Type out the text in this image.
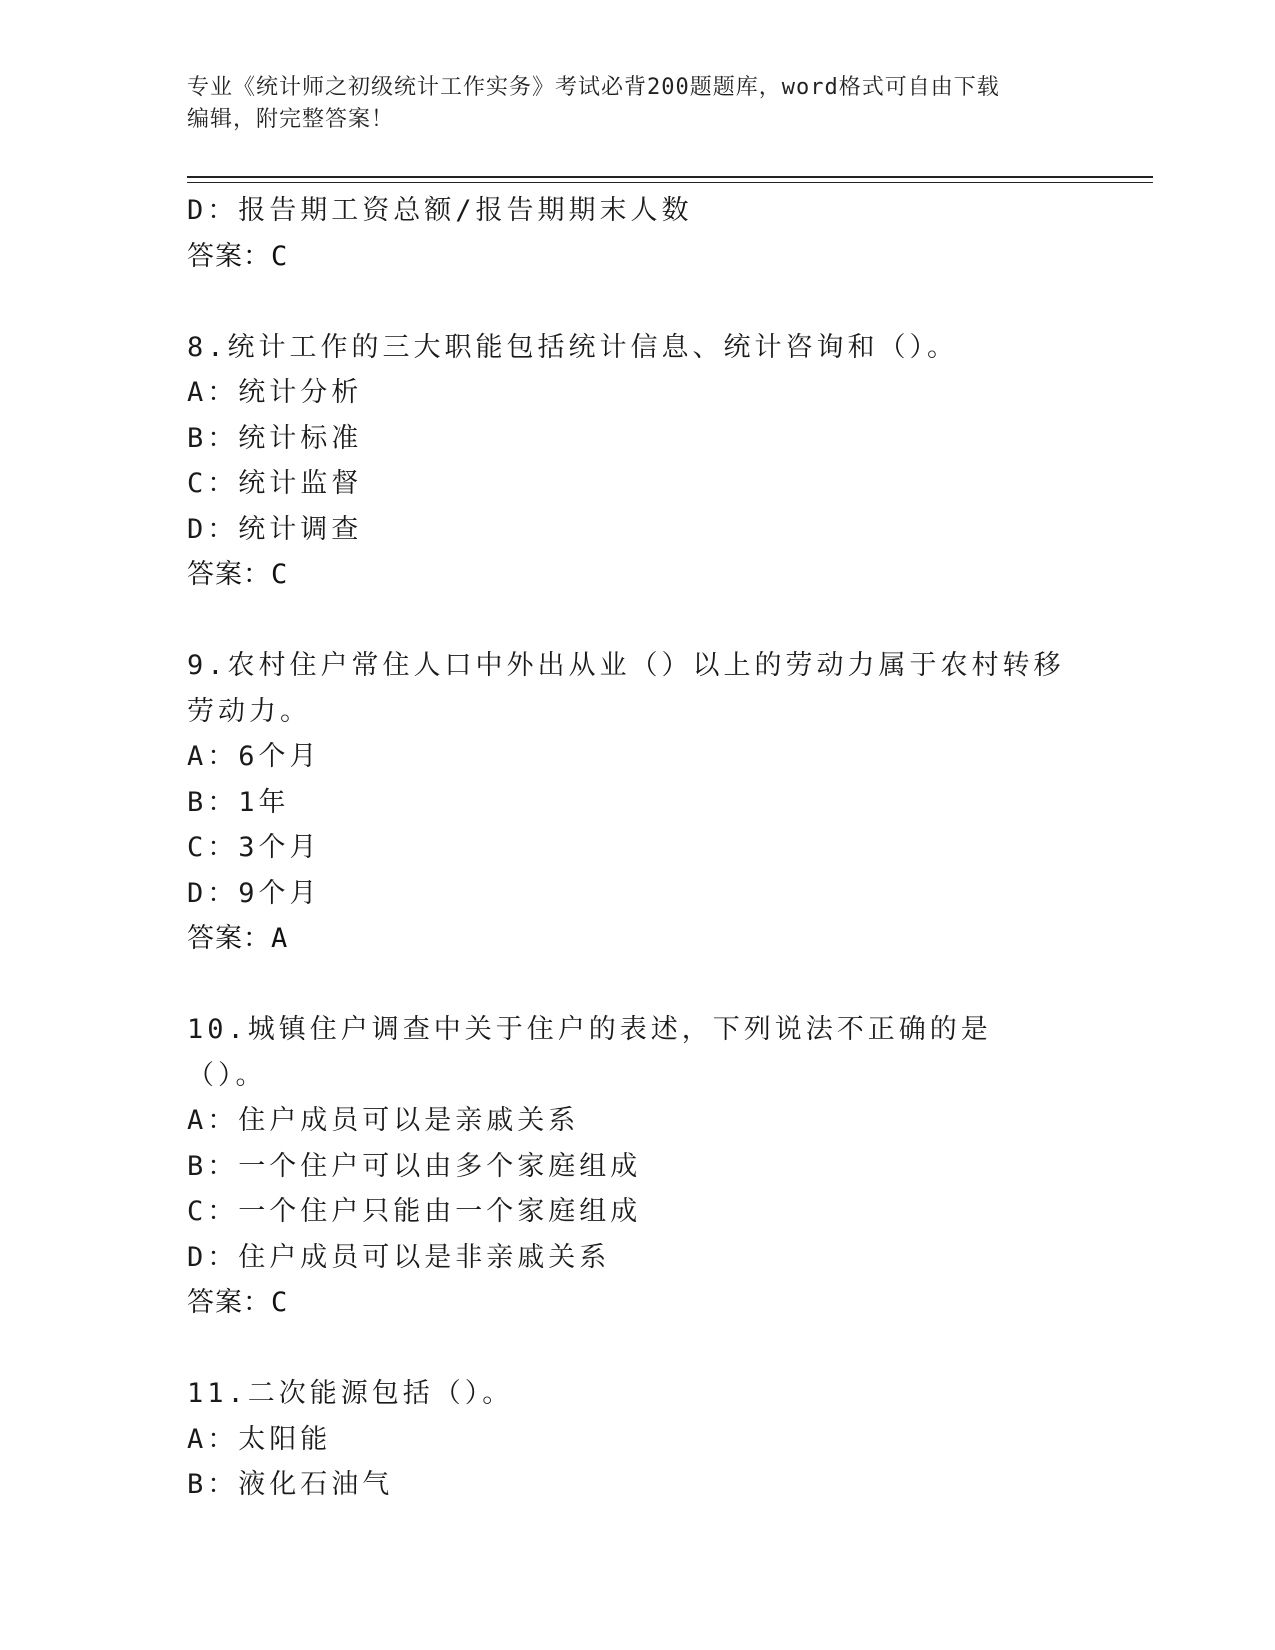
专业《统计师之初级统计工作实务》考试必背200题题库，word格式可自由下载
编辑，附完整答案！
D：报告期工资总额/报告期期末人数
答案：C
8.统计工作的三大职能包括统计信息、统计咨询和（）。
A：统计分析
B：统计标准
C：统计监督
D：统计调查
答案：C
9.农村住户常住人口中外出从业（）以上的劳动力属于农村转移劳动力。
A：6个月
B：1年
C：3个月
D：9个月
答案：A
10.城镇住户调查中关于住户的表述，下列说法不正确的是（）。
A：住户成员可以是亲戚关系
B：一个住户可以由多个家庭组成
C：一个住户只能由一个家庭组成
D：住户成员可以是非亲戚关系
答案：C
11.二次能源包括（）。
A：太阳能
B：液化石油气
